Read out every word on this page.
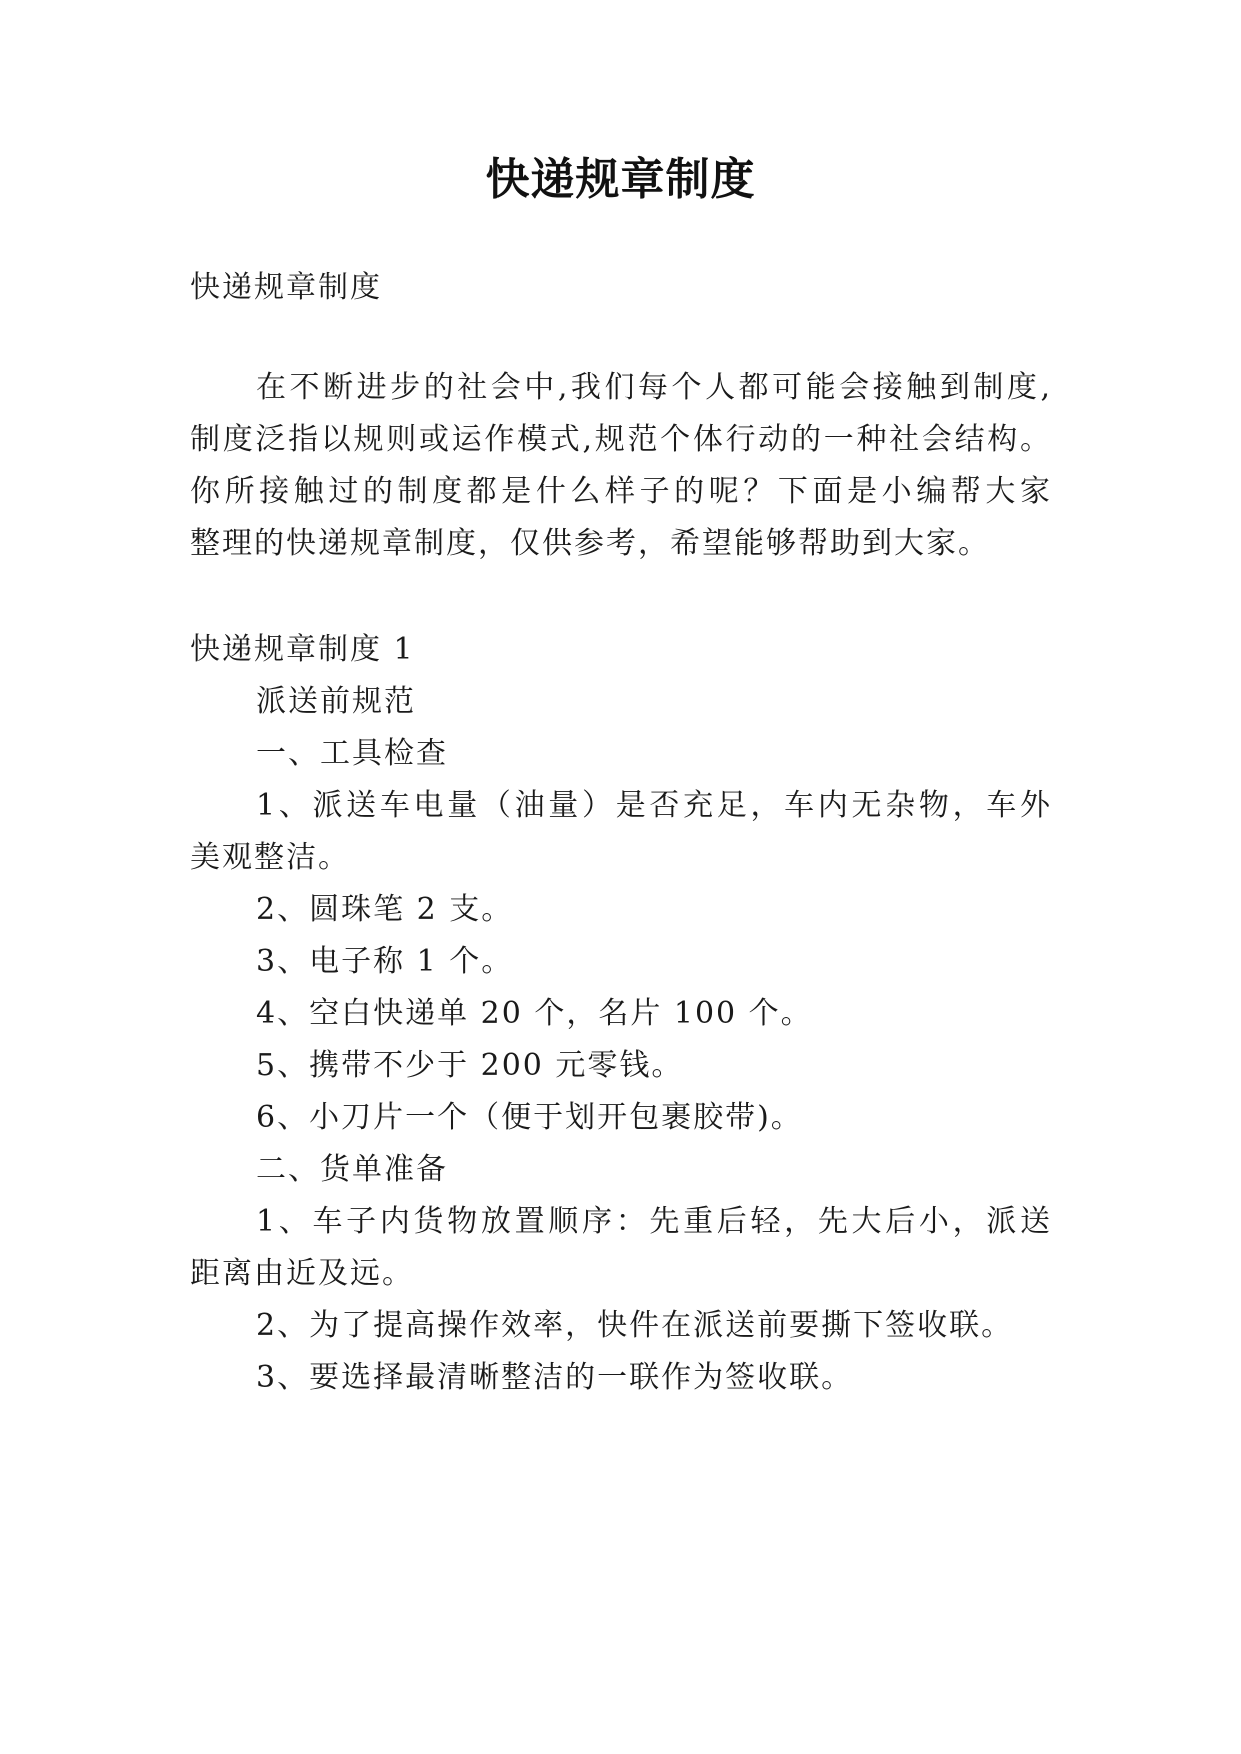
快递规章制度
快递规章制度
在不断进步的社会中,我们每个人都可能会接触到制度,
制度泛指以规则或运作模式,规范个体行动的一种社会结构。
你所接触过的制度都是什么样子的呢？下面是小编帮大家
整理的快递规章制度，仅供参考，希望能够帮助到大家。
快递规章制度 1
派送前规范
一、工具检查
1、派送车电量（油量）是否充足，车内无杂物，车外
美观整洁。
2、圆珠笔 2 支。
3、电子称 1 个。
4、空白快递单 20 个，名片 100 个。
5、携带不少于 200 元零钱。
6、小刀片一个（便于划开包裹胶带)。
二、货单准备
1、车子内货物放置顺序：先重后轻，先大后小，派送
距离由近及远。
2、为了提高操作效率，快件在派送前要撕下签收联。
3、要选择最清晰整洁的一联作为签收联。
